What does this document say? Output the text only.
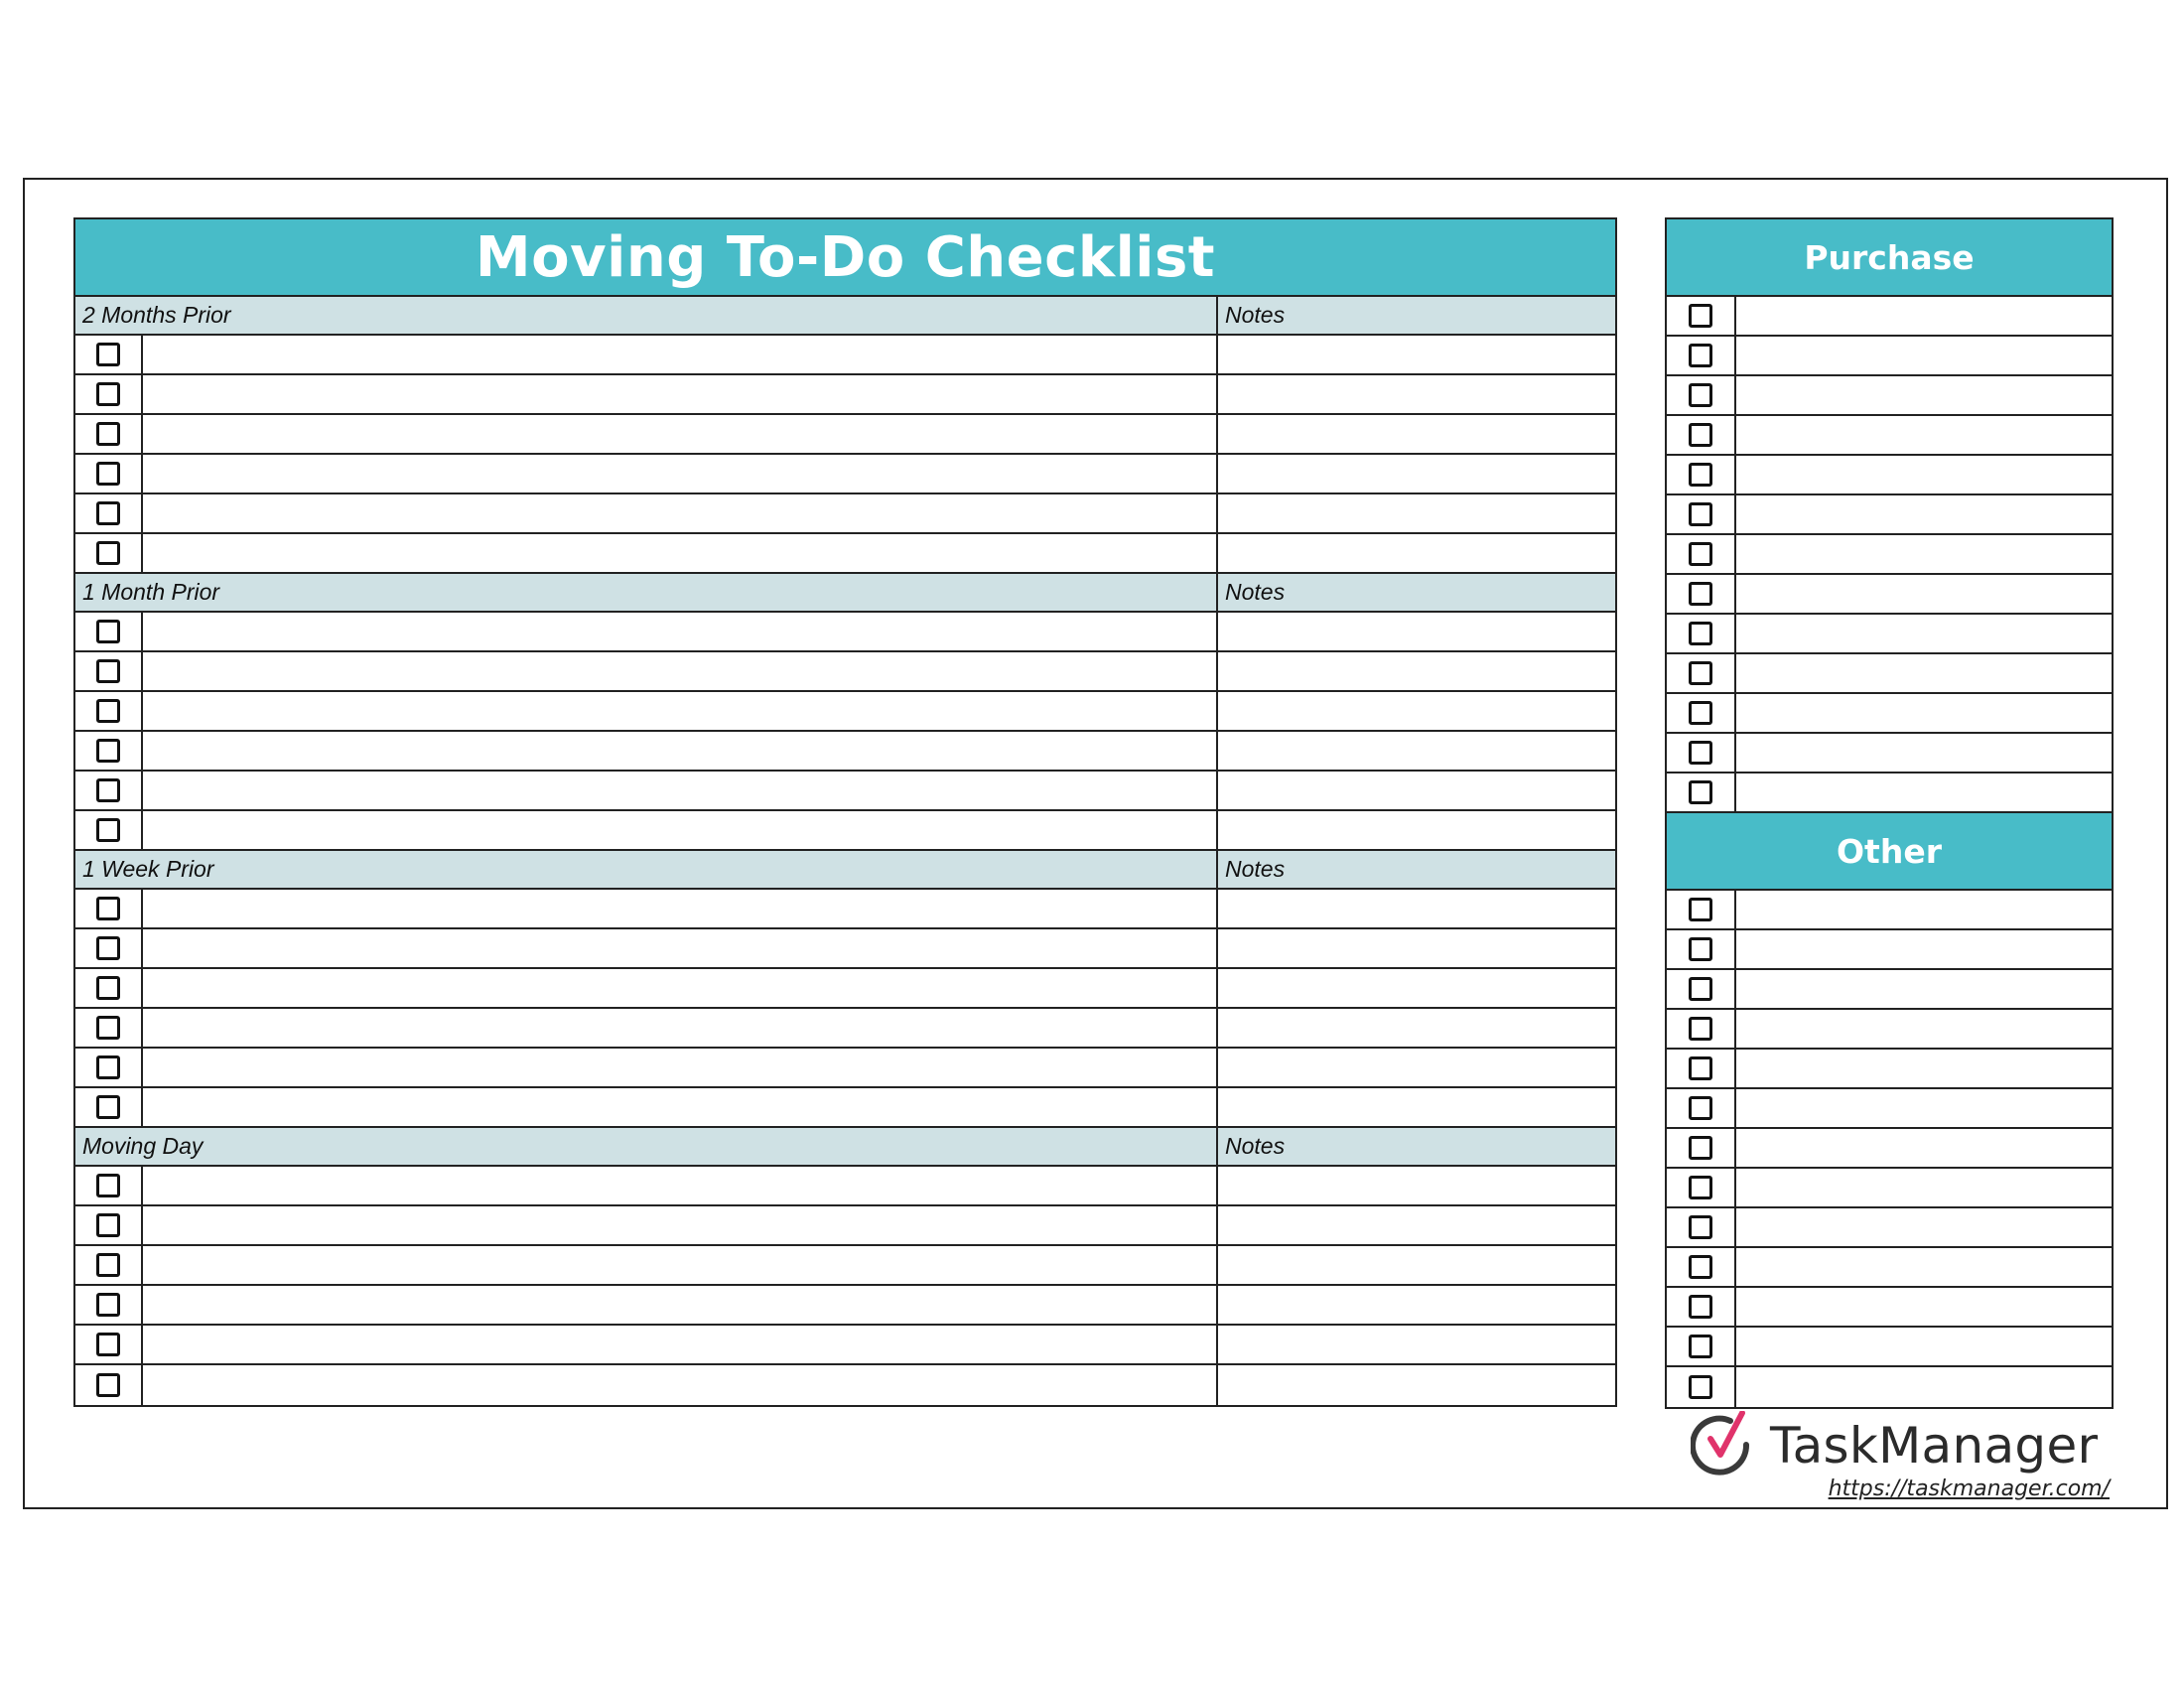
Moving To-Do Checklist
2 Months Prior	Notes
1 Month Prior	Notes
1 Week Prior	Notes
Moving Day	Notes
Purchase
Other
TaskManager
https://taskmanager.com/
